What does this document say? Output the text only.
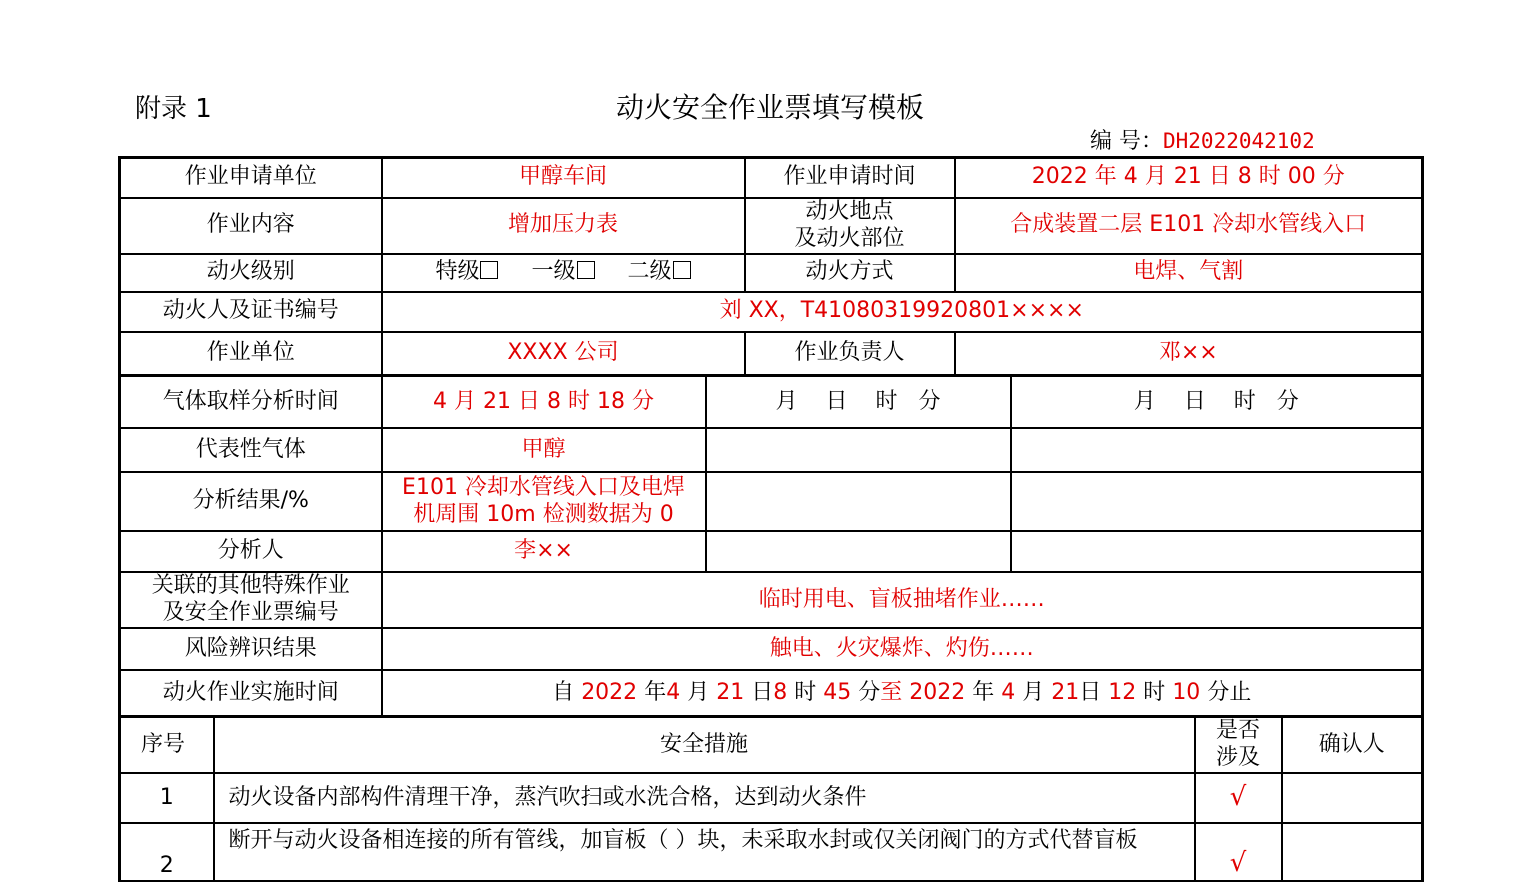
附录 1	动火安全作业票填写模板
编 号：DH2022042102
作业申请单位	甲醇车间	作业申请时间	2022 年 4 月 21 日 8 时 00 分
作业内容	增加压力表	动火地点
及动火部位	合成装置二层 E101 冷却水管线入口
动火级别	特级 一级 二级	动火方式	电焊、气割
动火人及证书编号	刘 XX，T41080319920801××××		
作业单位	XXXX 公司	作业负责人	邓××
气体取样分析时间	4 月 21 日 8 时 18 分	月    日    时   分	月    日    时   分
代表性气体	甲醇		
分析结果/%	E101 冷却水管线入口及电焊
机周围 10m 检测数据为 0		

分析人	李××		

关联的其他特殊作业
及安全作业票编号	临时用电、盲板抽堵作业……		
风险辨识结果	触电、火灾爆炸、灼伤……		
动火作业实施时间	自 2022 年4 月 21 日8 时 45 分至 2022 年 4 月 21日 12 时 10 分止		
序号	安全措施	是否
涉及	确认人
1	动火设备内部构件清理干净，蒸汽吹扫或水洗合格，达到动火条件	√	
2	断开与动火设备相连接的所有管线，加盲板（ ）块，未采取水封或仅关闭阀门的方式代替盲板	√	
